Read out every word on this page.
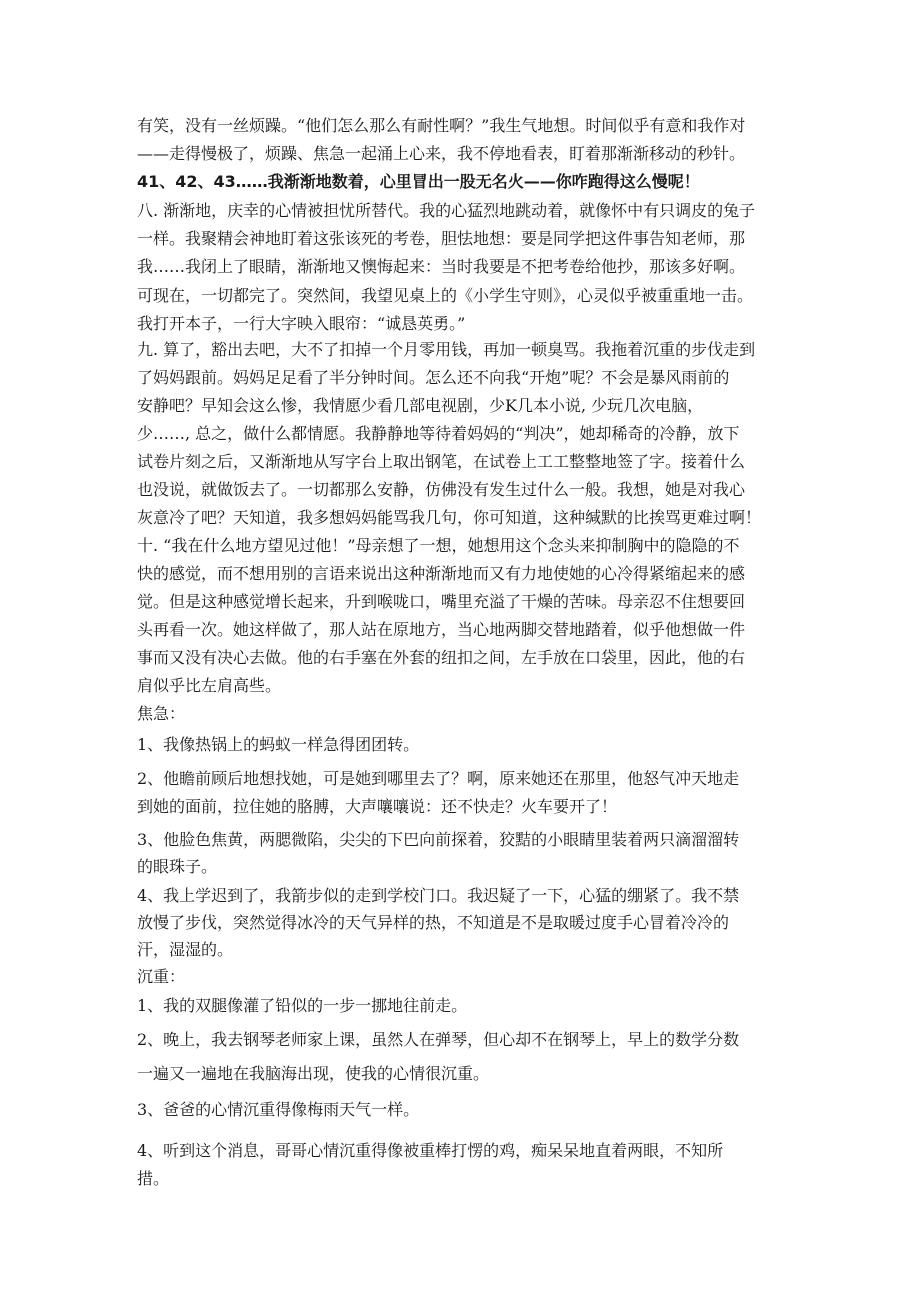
有笑，没有一丝烦躁。“他们怎么那么有耐性啊？”我生气地想。时间似乎有意和我作对
——走得慢极了，烦躁、焦急一起涌上心来，我不停地看表，盯着那渐渐移动的秒针。
41、42、43……我渐渐地数着，心里冒出一股无名火——你咋跑得这么慢呢！
八. 渐渐地，庆幸的心情被担忧所替代。我的心猛烈地跳动着，就像怀中有只调皮的兔子
一样。我聚精会神地盯着这张该死的考卷，胆怯地想：要是同学把这件事告知老师，那
我……我闭上了眼睛，渐渐地又懊悔起来：当时我要是不把考卷给他抄，那该多好啊。
可现在，一切都完了。突然间，我望见桌上的《小学生守则》，心灵似乎被重重地一击。
我打开本子，一行大字映入眼帘：“诚恳英勇。”
九. 算了，豁出去吧，大不了扣掉一个月零用钱，再加一顿臭骂。我拖着沉重的步伐走到
了妈妈跟前。妈妈足足看了半分钟时间。怎么还不向我“开炮”呢？不会是暴风雨前的
安静吧？早知会这么惨，我情愿少看几部电视剧，少K几本小说, 少玩几次电脑，
少……, 总之，做什么都情愿。我静静地等待着妈妈的“判决”，她却稀奇的冷静，放下
试卷片刻之后，又渐渐地从写字台上取出钢笔，在试卷上工工整整地签了字。接着什么
也没说，就做饭去了。一切都那么安静，仿佛没有发生过什么一般。我想，她是对我心
灰意冷了吧？天知道，我多想妈妈能骂我几句，你可知道，这种缄默的比挨骂更难过啊！
十. “我在什么地方望见过他！”母亲想了一想，她想用这个念头来抑制胸中的隐隐的不
快的感觉，而不想用别的言语来说出这种渐渐地而又有力地使她的心冷得紧缩起来的感
觉。但是这种感觉增长起来，升到喉咙口，嘴里充溢了干燥的苦味。母亲忍不住想要回
头再看一次。她这样做了，那人站在原地方，当心地两脚交替地踏着，似乎他想做一件
事而又没有决心去做。他的右手塞在外套的纽扣之间，左手放在口袋里，因此，他的右
肩似乎比左肩高些。
焦急：
1、我像热锅上的蚂蚁一样急得团团转。
2、他瞻前顾后地想找她，可是她到哪里去了？啊，原来她还在那里，他怒气冲天地走
到她的面前，拉住她的胳膊，大声嚷嚷说：还不快走？火车要开了！
3、他脸色焦黄，两腮微陷，尖尖的下巴向前探着，狡黠的小眼睛里装着两只滴溜溜转
的眼珠子。
4、我上学迟到了，我箭步似的走到学校门口。我迟疑了一下，心猛的绷紧了。我不禁
放慢了步伐，突然觉得冰冷的天气异样的热，不知道是不是取暖过度手心冒着冷冷的
汗，湿湿的。
沉重：
1、我的双腿像灌了铅似的一步一挪地往前走。
2、晚上，我去钢琴老师家上课，虽然人在弹琴，但心却不在钢琴上，早上的数学分数
一遍又一遍地在我脑海出现，使我的心情很沉重。
3、爸爸的心情沉重得像梅雨天气一样。
4、听到这个消息，哥哥心情沉重得像被重棒打愣的鸡，痴呆呆地直着两眼，不知所
措。
